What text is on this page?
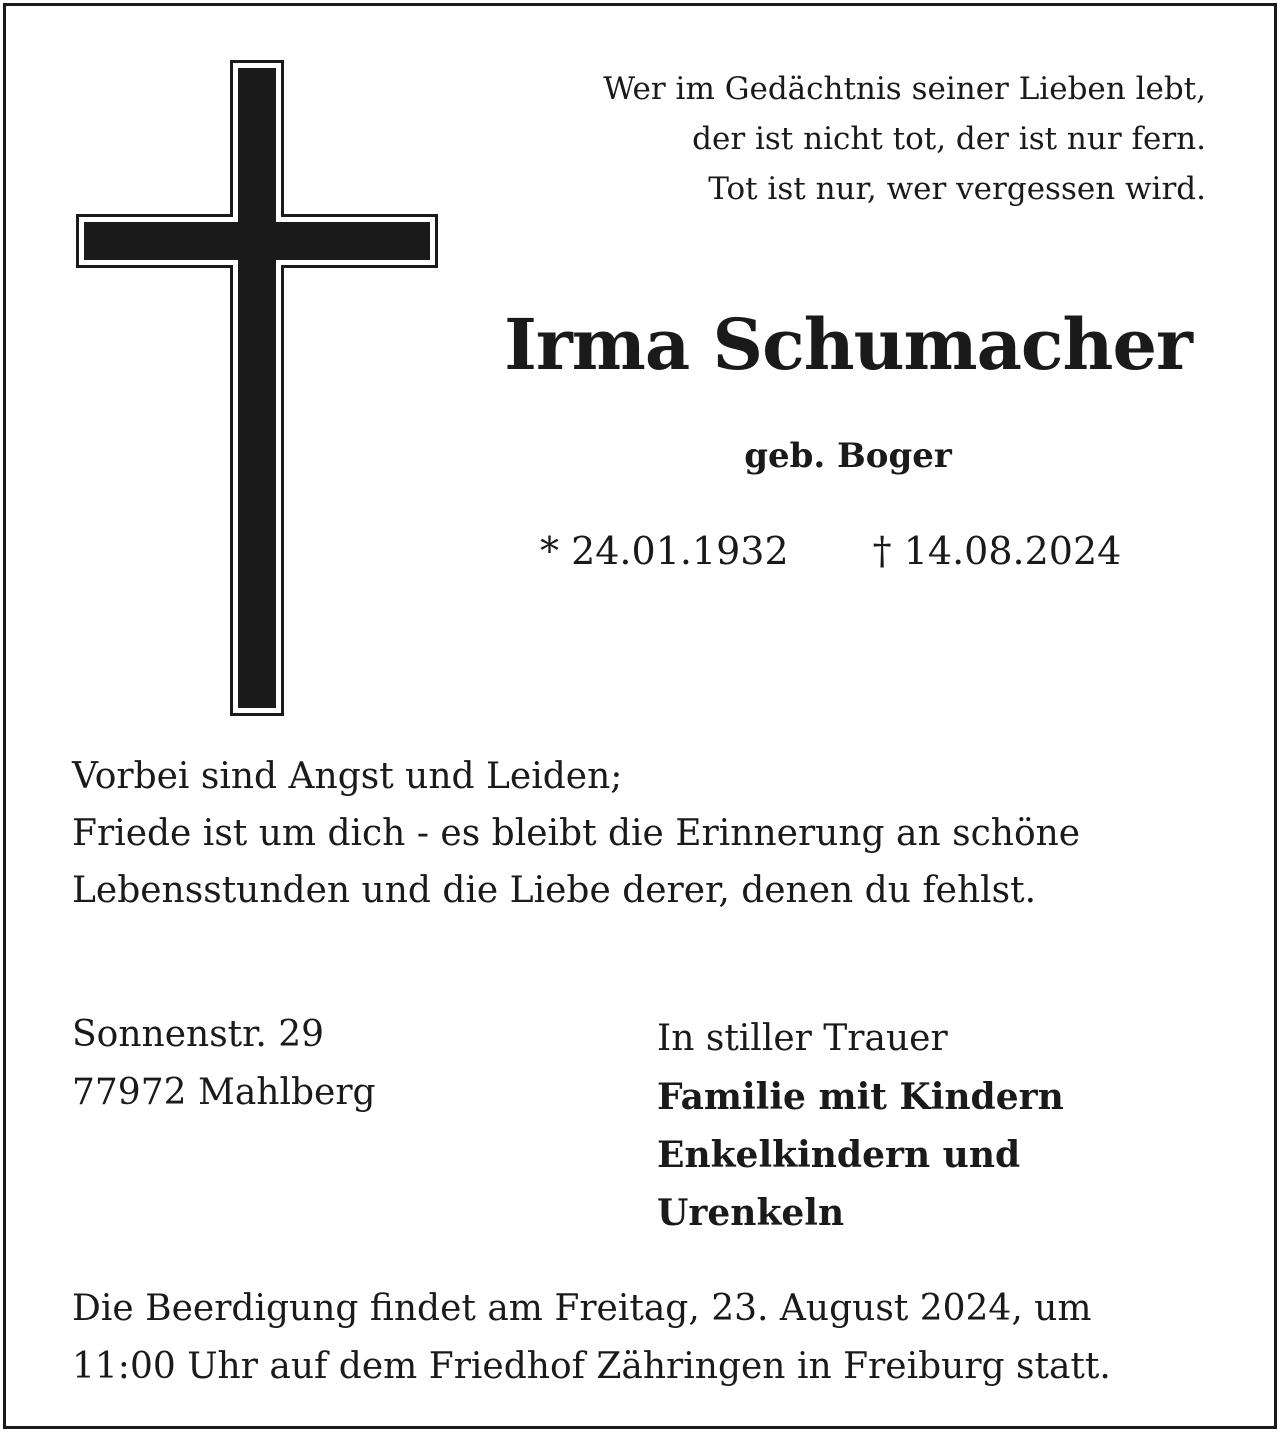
Wer im Gedächtnis seiner Lieben lebt,
der ist nicht tot, der ist nur fern.
Tot ist nur, wer vergessen wird.
Irma Schumacher
geb. Boger
* 24.01.1932 † 14.08.2024
Vorbei sind Angst und Leiden;
Friede ist um dich - es bleibt die Erinnerung an schöne
Lebensstunden und die Liebe derer, denen du fehlst.
Sonnenstr. 29
77972 Mahlberg
In stiller Trauer
Familie mit Kindern
Enkelkindern und
Urenkeln
Die Beerdigung findet am Freitag, 23. August 2024, um
11:00 Uhr auf dem Friedhof Zähringen in Freiburg statt.
